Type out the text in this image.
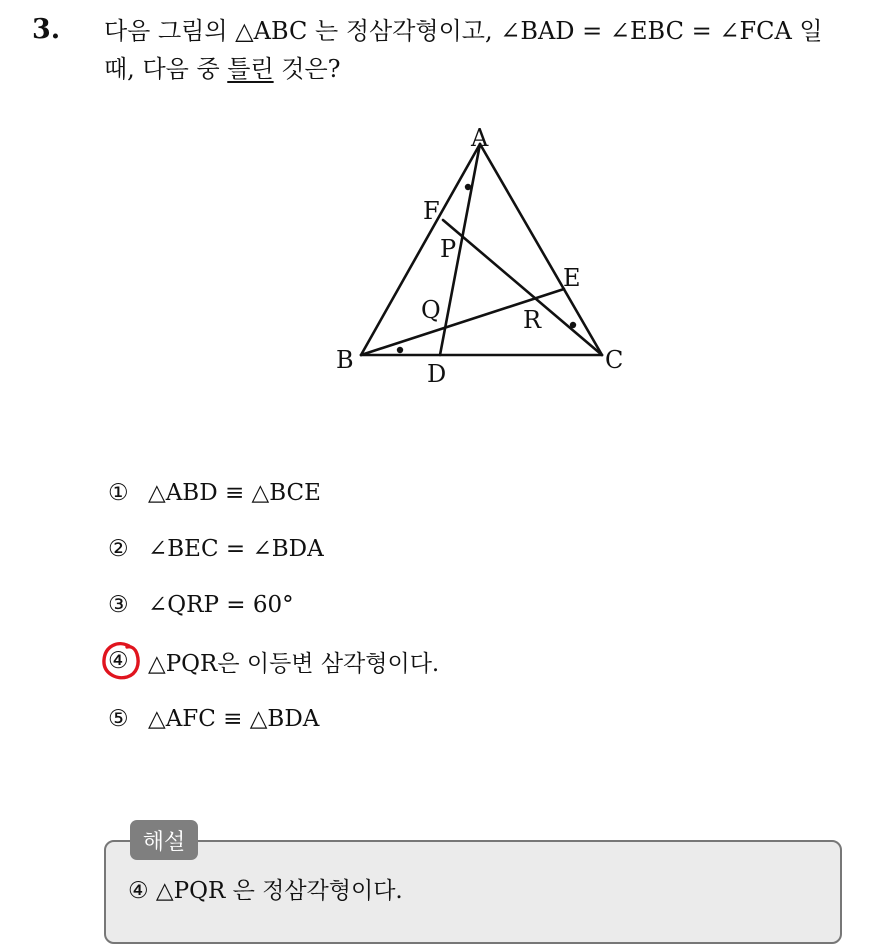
3. 다음 그림의 △ABC 는 정삼각형이고, ∠BAD = ∠EBC = ∠FCA 일
때, 다음 중 틀린 것은?
A
B	C
D
E
F
P
Q	R
① △ABD ≡ △BCE
② ∠BEC = ∠BDA
③ ∠QRP = 60°
④ △PQR은 이등변 삼각형이다.
⑤ △AFC ≡ △BDA
해설
④ △PQR 은 정삼각형이다.
